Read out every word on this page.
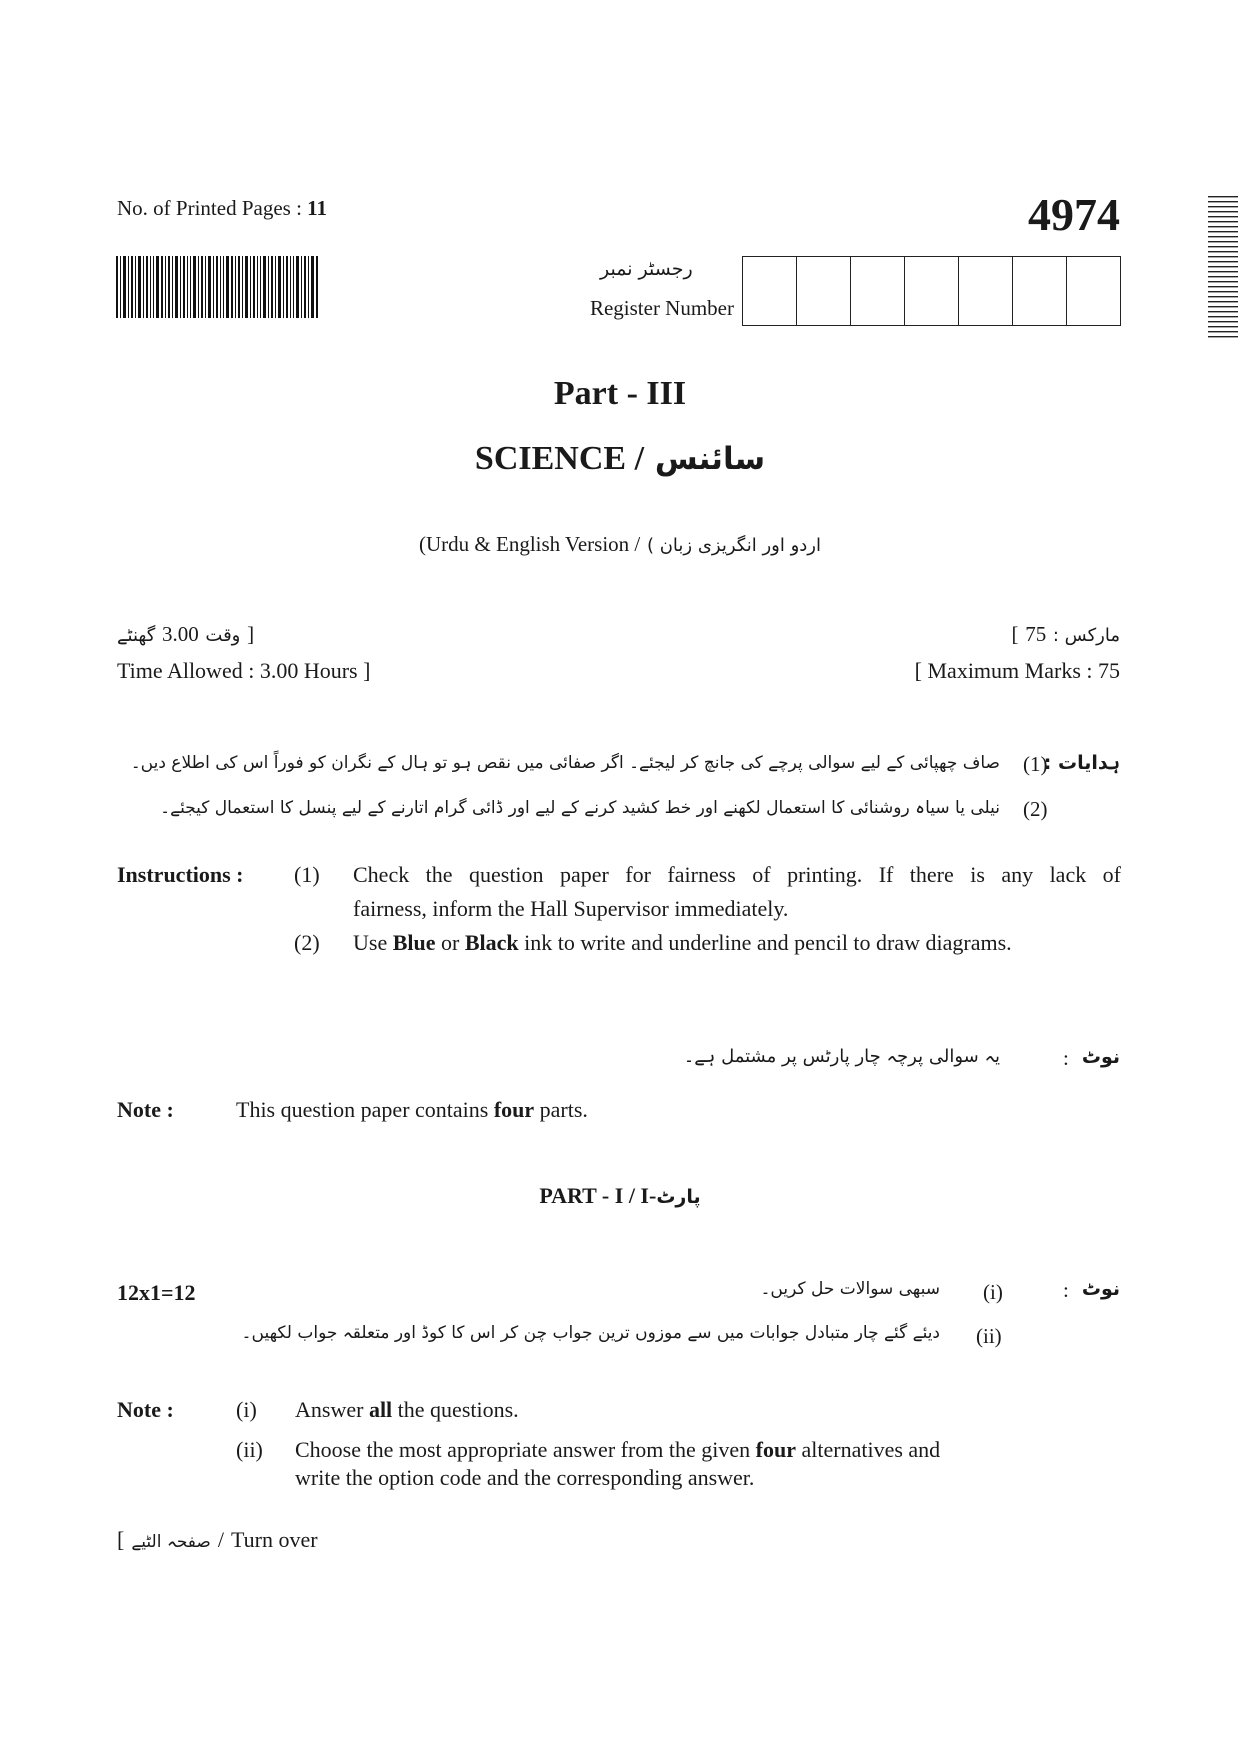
No. of Printed Pages : 11	4974
رجسٹر نمبر
Register Number
Part - III
SCIENCE / سائنس
(Urdu & English Version / اردو اور انگریزی زبان )
گھنٹے 3.00 وقت ]	[ 75 مارکس :
Time Allowed : 3.00 Hours ]	[ Maximum Marks : 75
ہدایات :
(1)
صاف چھپائی کے لیے سوالی پرچے کی جانچ کر لیجئے۔ اگر صفائی میں نقص ہو تو ہال کے نگران کو فوراً اس کی اطلاع دیں۔
(2)
نیلی یا سیاہ روشنائی کا استعمال لکھنے اور خط کشید کرنے کے لیے اور ڈائی گرام اتارنے کے لیے پنسل کا استعمال کیجئے۔
Instructions : (1) Check the question paper for fairness of printing. If there is any lack of
fairness, inform the Hall Supervisor immediately.
(2) Use Blue or Black ink to write and underline and pencil to draw diagrams.
نوٹ
:
یہ سوالی پرچہ چار پارٹس پر مشتمل ہے۔
Note :	This question paper contains four parts.
PART - I / I-پارٹ
12x1=12	نوٹ
:
(i)
سبھی سوالات حل کریں۔
(ii)
دیئے گئے چار متبادل جوابات میں سے موزوں ترین جواب چن کر اس کا کوڈ اور متعلقہ جواب لکھیں۔
Note :	(i) Answer all the questions.
(ii) Choose the most appropriate answer from the given four alternatives and
write the option code and the corresponding answer.
[ صفحہ الٹیے / Turn over
